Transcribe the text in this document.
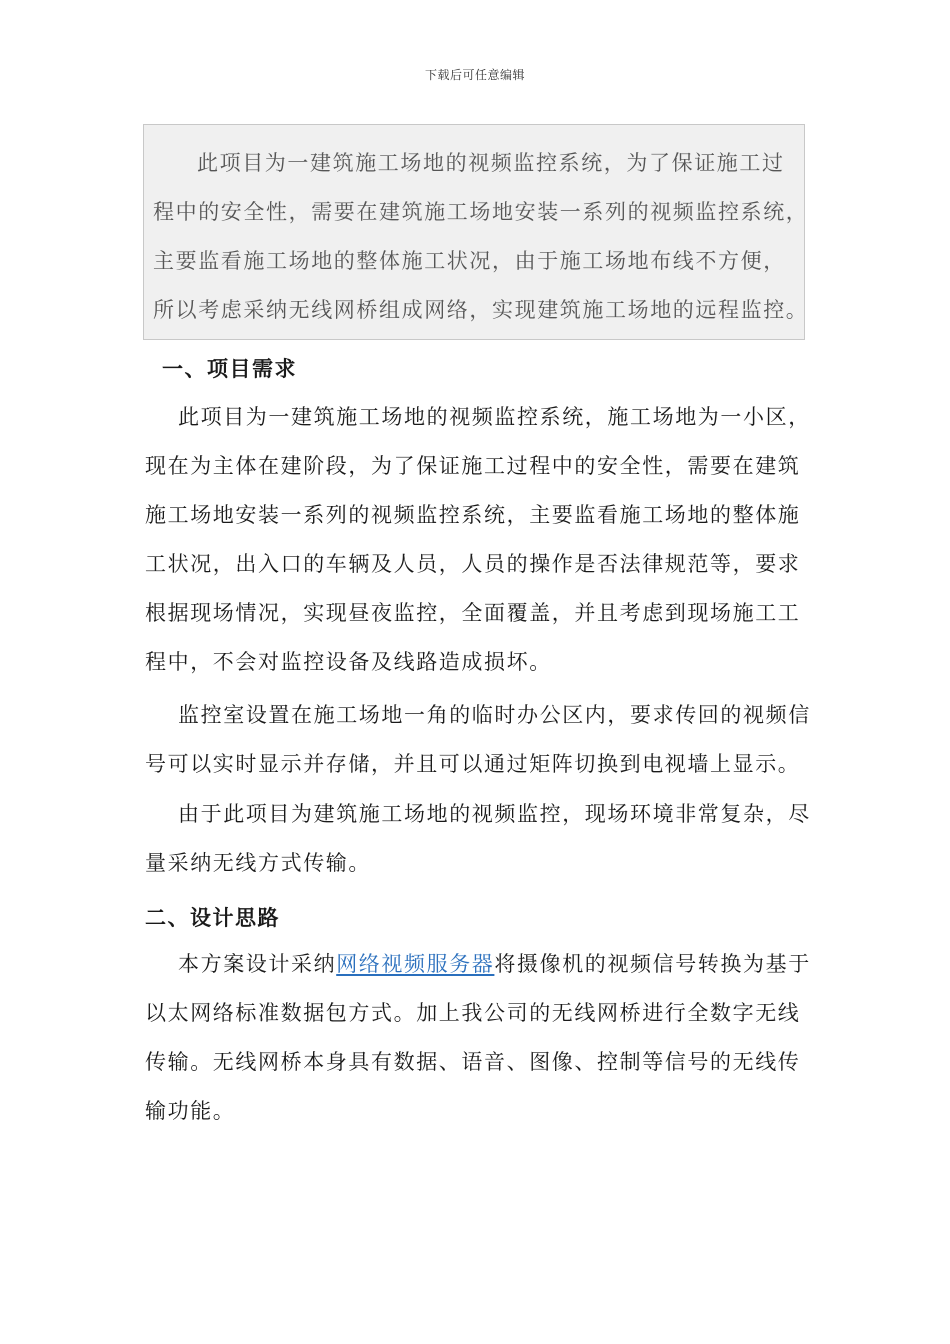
下载后可任意编辑
此项目为一建筑施工场地的视频监控系统，为了保证施工过
程中的安全性，需要在建筑施工场地安装一系列的视频监控系统，
主要监看施工场地的整体施工状况，由于施工场地布线不方便，
所以考虑采纳无线网桥组成网络，实现建筑施工场地的远程监控。
一、项目需求
此项目为一建筑施工场地的视频监控系统，施工场地为一小区，
现在为主体在建阶段，为了保证施工过程中的安全性，需要在建筑
施工场地安装一系列的视频监控系统，主要监看施工场地的整体施
工状况，出入口的车辆及人员，人员的操作是否法律规范等，要求
根据现场情况，实现昼夜监控，全面覆盖，并且考虑到现场施工工
程中，不会对监控设备及线路造成损坏。
监控室设置在施工场地一角的临时办公区内，要求传回的视频信
号可以实时显示并存储，并且可以通过矩阵切换到电视墙上显示。
由于此项目为建筑施工场地的视频监控，现场环境非常复杂，尽
量采纳无线方式传输。
二、设计思路
本方案设计采纳网络视频服务器将摄像机的视频信号转换为基于
以太网络标准数据包方式。加上我公司的无线网桥进行全数字无线
传输。无线网桥本身具有数据、语音、图像、控制等信号的无线传
输功能。
